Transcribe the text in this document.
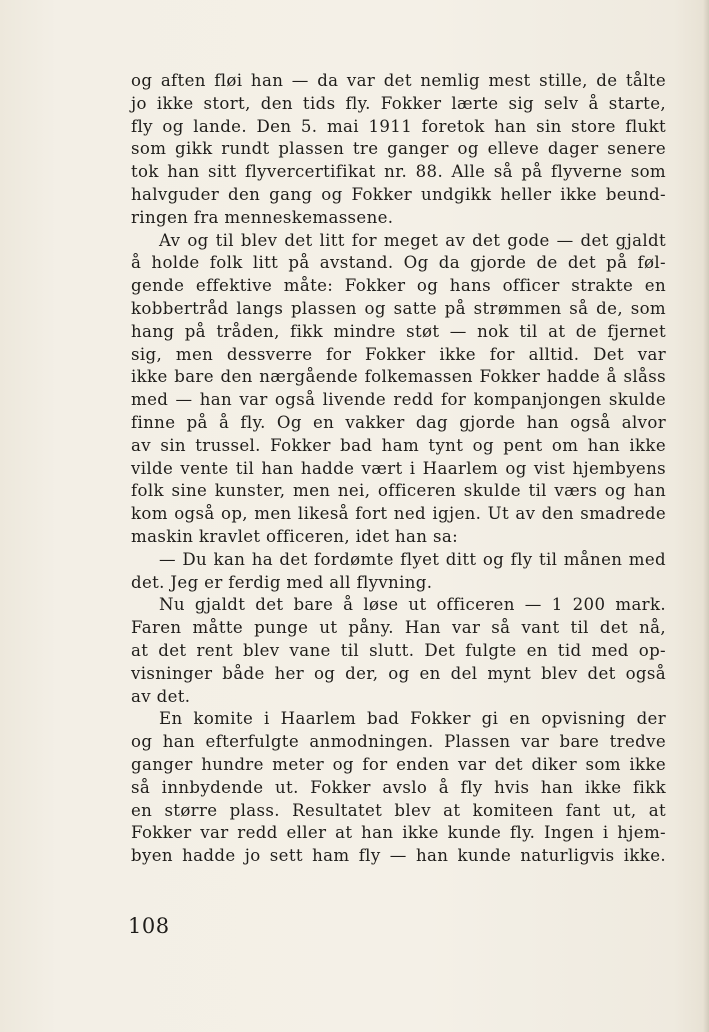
og aften fløi han — da var det nemlig mest stille, de tålte
jo ikke stort, den tids fly. Fokker lærte sig selv å starte,
fly og lande. Den 5. mai 1911 foretok han sin store flukt
som gikk rundt plassen tre ganger og elleve dager senere
tok han sitt flyvercertifikat nr. 88. Alle så på flyverne som
halvguder den gang og Fokker undgikk heller ikke beund-
ringen fra menneskemassene.
Av og til blev det litt for meget av det gode — det gjaldt
å holde folk litt på avstand. Og da gjorde de det på føl-
gende effektive måte: Fokker og hans officer strakte en
kobbertråd langs plassen og satte på strømmen så de, som
hang på tråden, fikk mindre støt — nok til at de fjernet
sig, men dessverre for Fokker ikke for alltid. Det var
ikke bare den nærgående folkemassen Fokker hadde å slåss
med — han var også livende redd for kompanjongen skulde
finne på å fly. Og en vakker dag gjorde han også alvor
av sin trussel. Fokker bad ham tynt og pent om han ikke
vilde vente til han hadde vært i Haarlem og vist hjembyens
folk sine kunster, men nei, officeren skulde til værs og han
kom også op, men likeså fort ned igjen. Ut av den smadrede
maskin kravlet officeren, idet han sa:
— Du kan ha det fordømte flyet ditt og fly til månen med
det. Jeg er ferdig med all flyvning.
Nu gjaldt det bare å løse ut officeren — 1 200 mark.
Faren måtte punge ut påny. Han var så vant til det nå,
at det rent blev vane til slutt. Det fulgte en tid med op-
visninger både her og der, og en del mynt blev det også
av det.
En komite i Haarlem bad Fokker gi en opvisning der
og han efterfulgte anmodningen. Plassen var bare tredve
ganger hundre meter og for enden var det diker som ikke
så innbydende ut. Fokker avslo å fly hvis han ikke fikk
en større plass. Resultatet blev at komiteen fant ut, at
Fokker var redd eller at han ikke kunde fly. Ingen i hjem-
byen hadde jo sett ham fly — han kunde naturligvis ikke.
108
